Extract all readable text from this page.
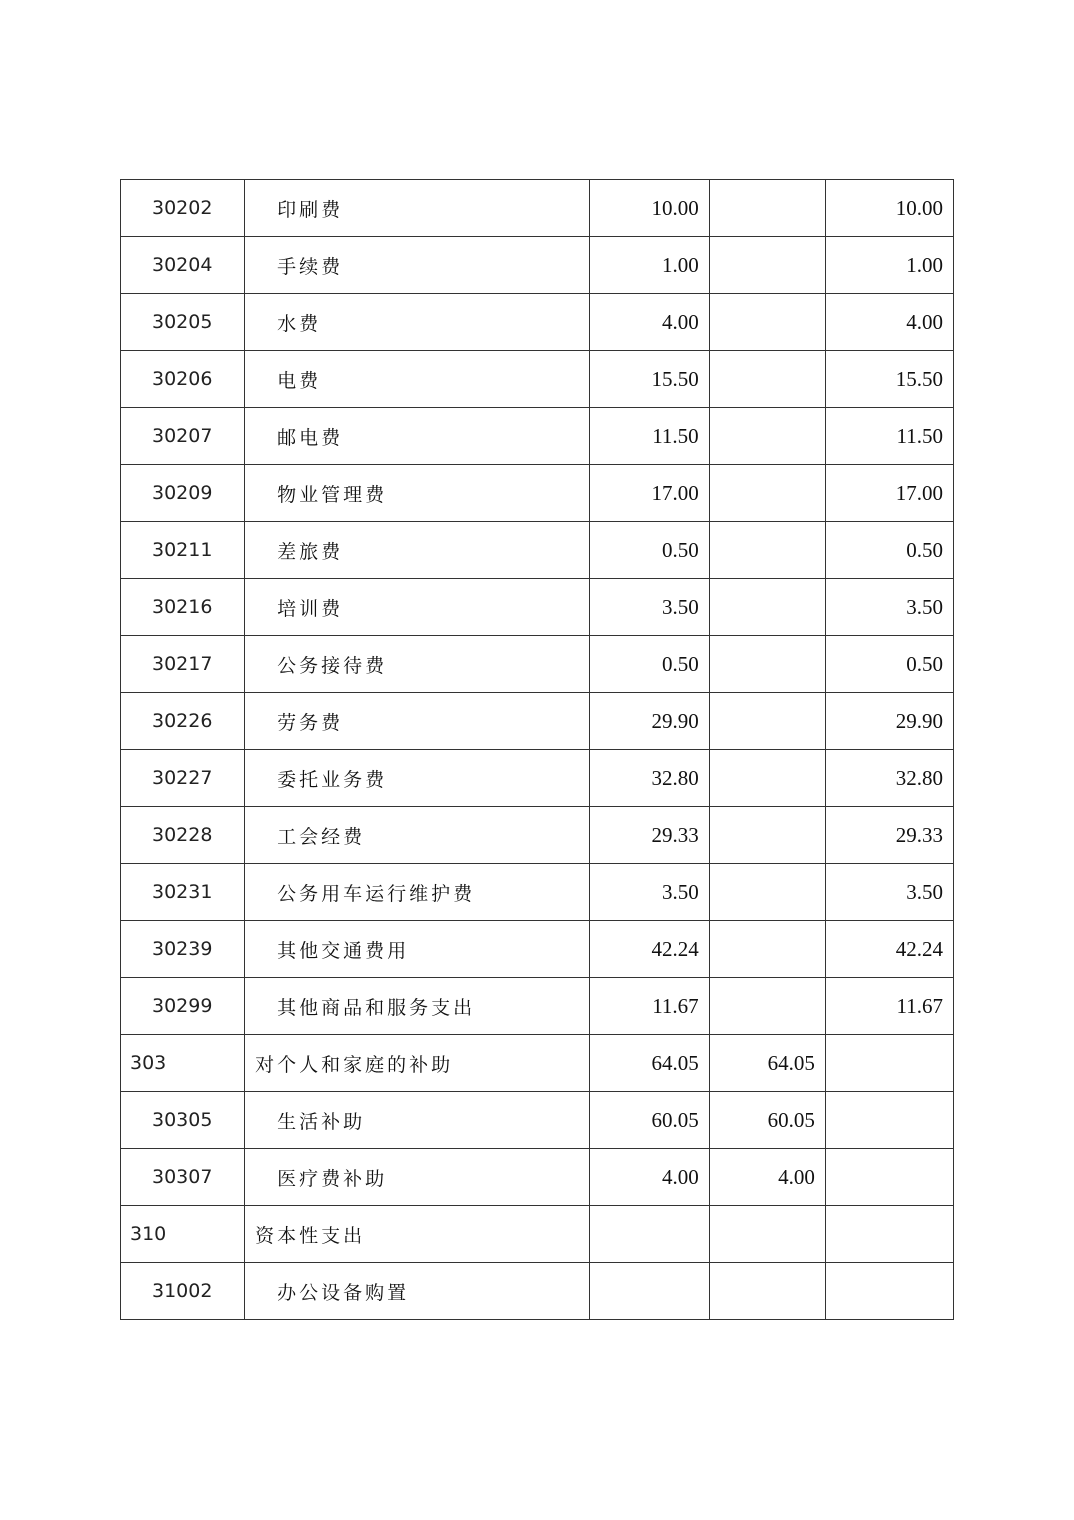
30202	印刷费	10.00		10.00
30204	手续费	1.00		1.00
30205	水费	4.00		4.00
30206	电费	15.50		15.50
30207	邮电费	11.50		11.50
30209	物业管理费	17.00		17.00
30211	差旅费	0.50		0.50
30216	培训费	3.50		3.50
30217	公务接待费	0.50		0.50
30226	劳务费	29.90		29.90
30227	委托业务费	32.80		32.80
30228	工会经费	29.33		29.33
30231	公务用车运行维护费	3.50		3.50
30239	其他交通费用	42.24		42.24
30299	其他商品和服务支出	11.67		11.67
303	对个人和家庭的补助	64.05	64.05	
30305	生活补助	60.05	60.05	
30307	医疗费补助	4.00	4.00	
310	资本性支出			
31002	办公设备购置			
